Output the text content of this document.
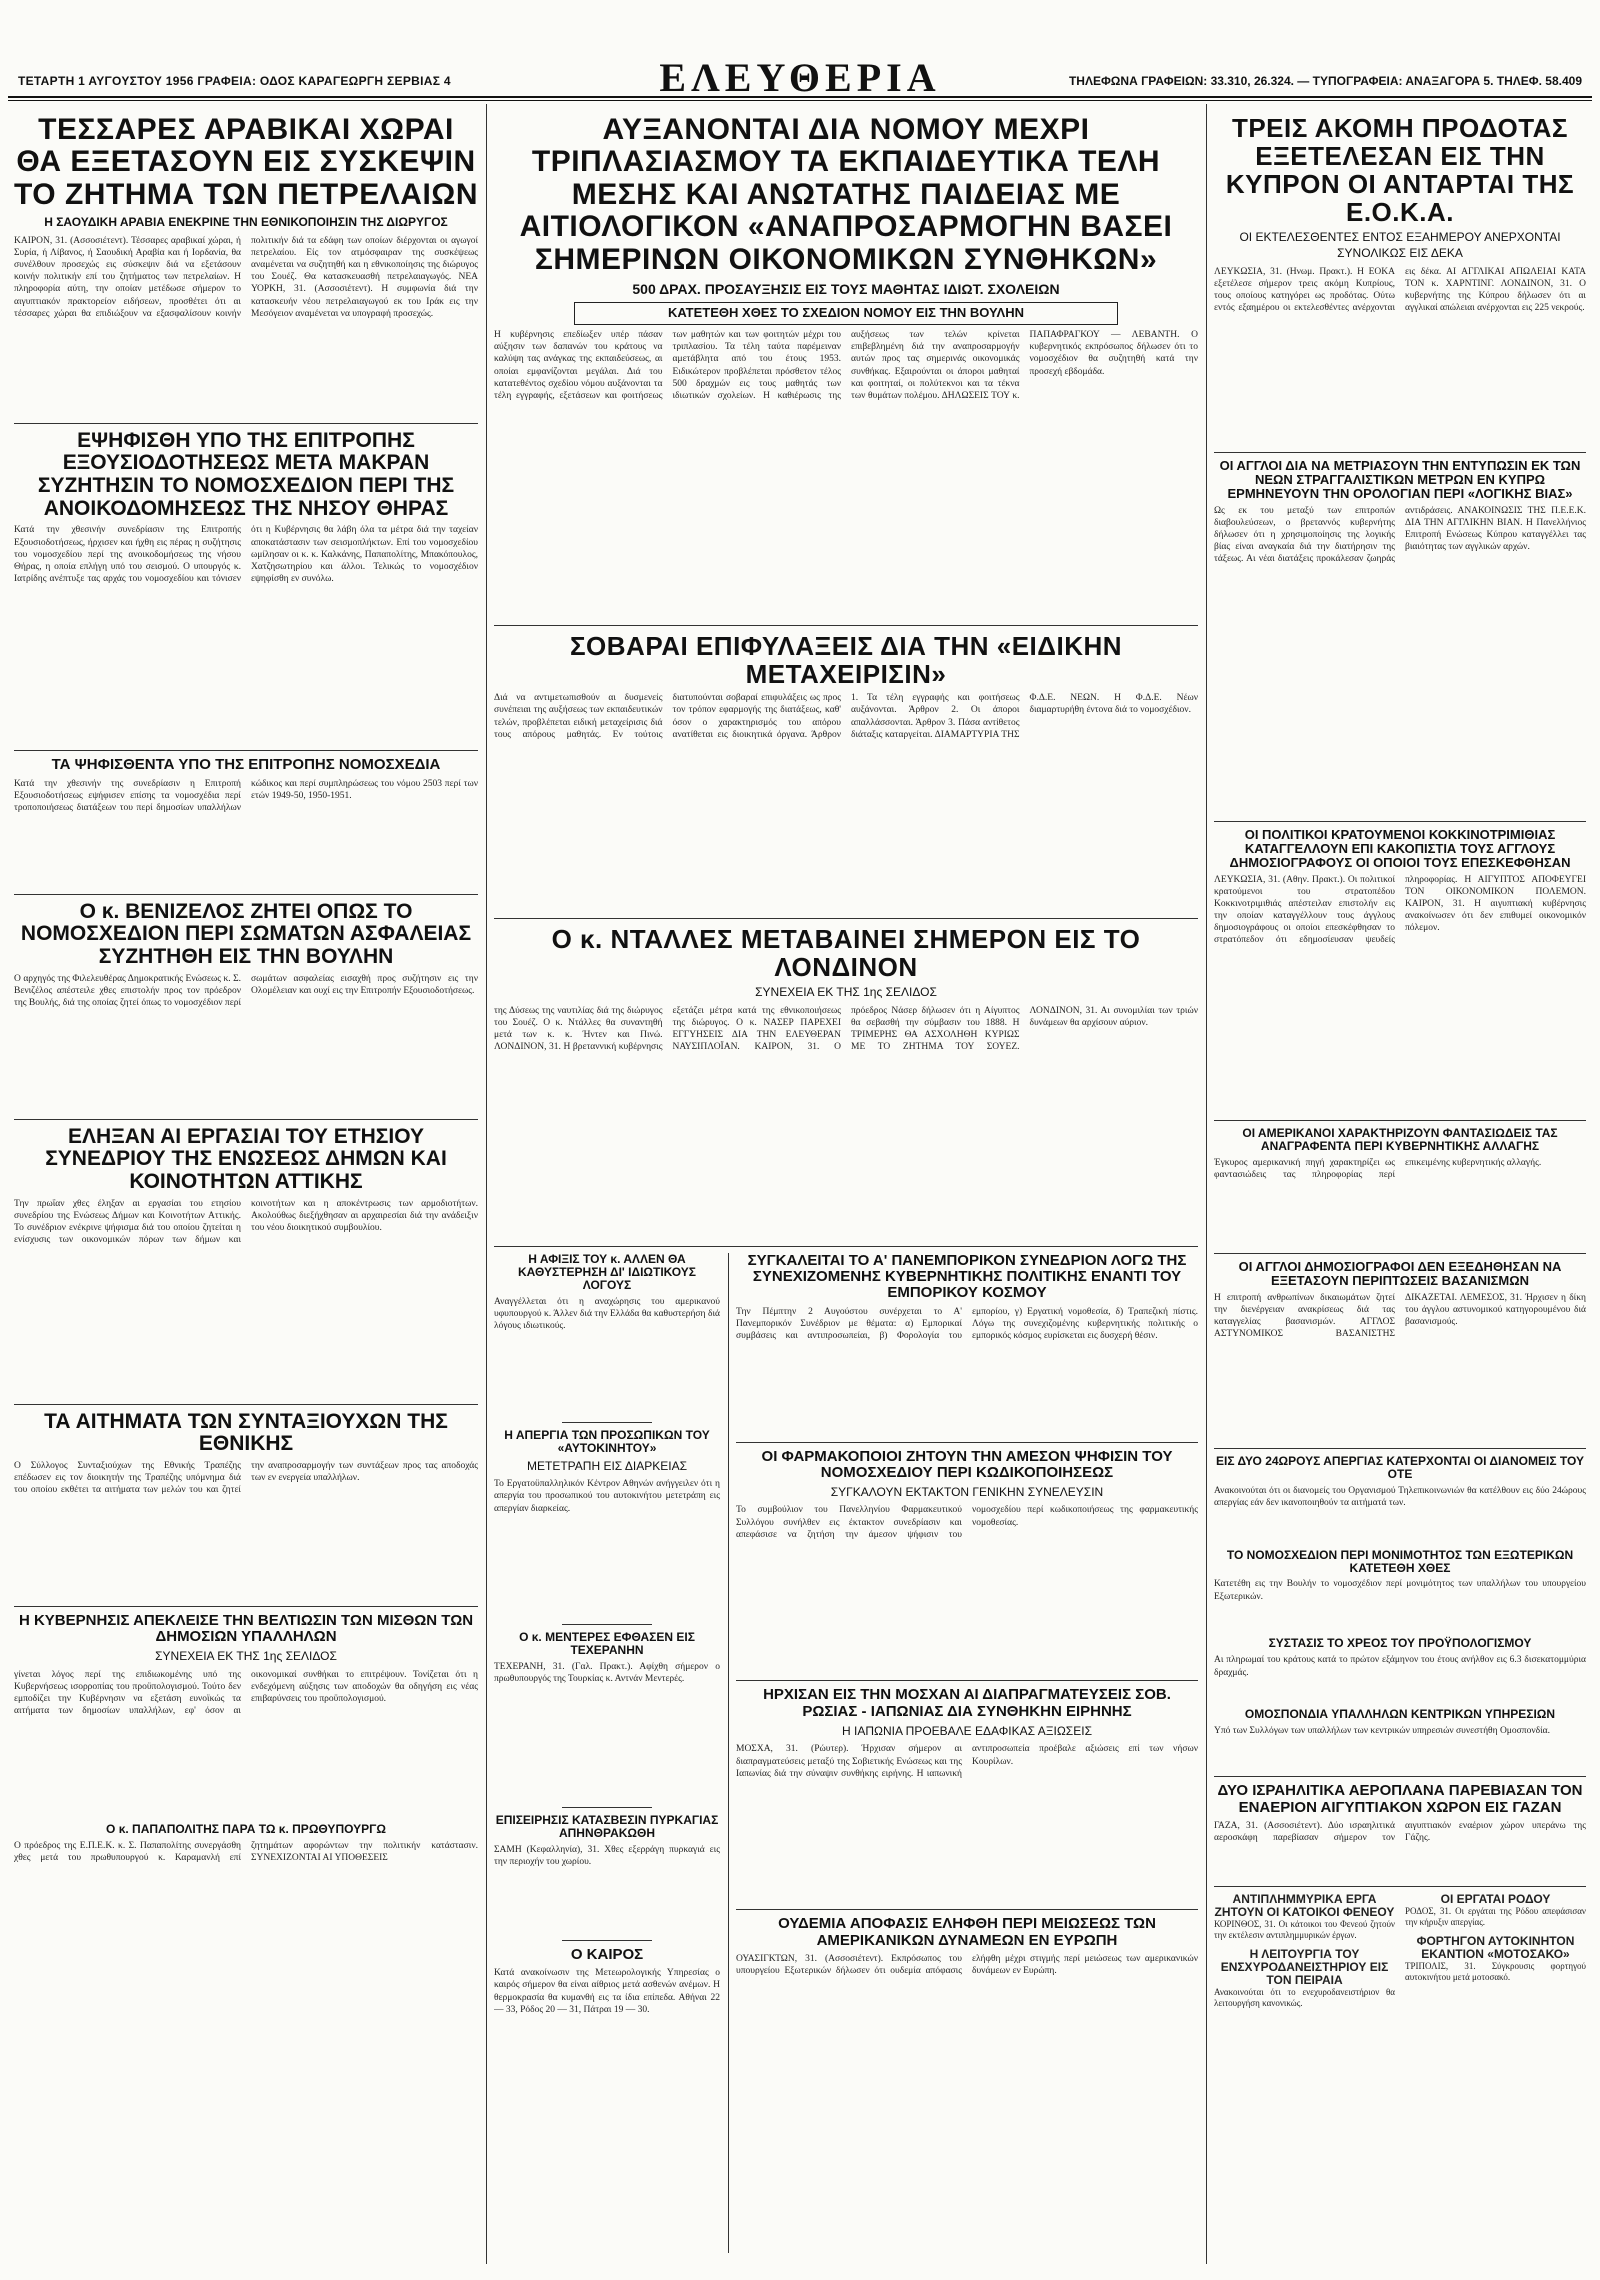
ΤΕΤΑΡΤΗ 1 ΑΥΓΟΥΣΤΟΥ 1956 ΓΡΑΦΕΙΑ: ΟΔΟΣ ΚΑΡΑΓΕΩΡΓΗ ΣΕΡΒΙΑΣ 4	ΕΛΕΥΘΕΡΙΑ	ΤΗΛΕΦΩΝΑ ΓΡΑΦΕΙΩΝ: 33.310, 26.324. — ΤΥΠΟΓΡΑΦΕΙΑ: ΑΝΑΞΑΓΟΡΑ 5. ΤΗΛΕΦ. 58.409
ΤΕΣΣΑΡΕΣ ΑΡΑΒΙΚΑΙ ΧΩΡΑΙ ΘΑ ΕΞΕΤΑΣΟΥΝ ΕΙΣ ΣΥΣΚΕΨΙΝ ΤΟ ΖΗΤΗΜΑ ΤΩΝ ΠΕΤΡΕΛΑΙΩΝ
Η ΣΑΟΥΔΙΚΗ ΑΡΑΒΙΑ ΕΝΕΚΡΙΝΕ ΤΗΝ ΕΘΝΙΚΟΠΟΙΗΣΙΝ ΤΗΣ ΔΙΩΡΥΓΟΣ
ΚΑΙΡΟΝ, 31. (Ασσοσιέτεντ). Τέσσαρες αραβικαί χώραι, ή Συρία, ή Λίβανος, ή Σαουδική Αραβία και ή Ιορδανία, θα συνέλθουν προσεχώς εις σύσκεψιν διά να εξετάσουν κοινήν πολιτικήν επί του ζητήματος των πετρελαίων. Η πληροφορία αύτη, την οποίαν μετέδωσε σήμερον το αιγυπτιακόν πρακτορείον ειδήσεων, προσθέτει ότι αι τέσσαρες χώραι θα επιδιώξουν να εξασφαλίσουν κοινήν πολιτικήν διά τα εδάφη των οποίων διέρχονται οι αγωγοί πετρελαίου. Είς τον ατμόσφαιραν της συσκέψεως αναμένεται να συζητηθή και η εθνικοποίησις της διώρυγος του Σουέζ. Θα κατασκευασθή πετρελαιαγωγός. ΝΕΑ ΥΟΡΚΗ, 31. (Ασσοσιέτεντ). Η συμφωνία διά την κατασκευήν νέου πετρελαιαγωγού εκ του Ιράκ εις την Μεσόγειον αναμένεται να υπογραφή προσεχώς.
ΕΨΗΦΙΣΘΗ ΥΠΟ ΤΗΣ ΕΠΙΤΡΟΠΗΣ ΕΞΟΥΣΙΟΔΟΤΗΣΕΩΣ ΜΕΤΑ ΜΑΚΡΑΝ ΣΥΖΗΤΗΣΙΝ ΤΟ ΝΟΜΟΣΧΕΔΙΟΝ ΠΕΡΙ ΤΗΣ ΑΝΟΙΚΟΔΟΜΗΣΕΩΣ ΤΗΣ ΝΗΣΟΥ ΘΗΡΑΣ
Κατά την χθεσινήν συνεδρίασιν της Επιτροπής Εξουσιοδοτήσεως, ήρχισεν και ήχθη εις πέρας η συζήτησις του νομοσχεδίου περί της ανοικοδομήσεως της νήσου Θήρας, η οποία επλήγη υπό του σεισμού. Ο υπουργός κ. Ιατρίδης ανέπτυξε τας αρχάς του νομοσχεδίου και τόνισεν ότι η Κυβέρνησις θα λάβη όλα τα μέτρα διά την ταχείαν αποκατάστασιν των σεισμοπλήκτων. Επί του νομοσχεδίου ωμίλησαν οι κ. κ. Καλκάνης, Παπαπολίτης, Μπακόπουλος, Χατζησωτηρίου και άλλοι. Τελικώς το νομοσχέδιον εψηφίσθη εν συνόλω.
ΤΑ ΨΗΦΙΣΘΕΝΤΑ ΥΠΟ ΤΗΣ ΕΠΙΤΡΟΠΗΣ ΝΟΜΟΣΧΕΔΙΑ
Κατά την χθεσινήν της συνεδρίασιν η Επιτροπή Εξουσιοδοτήσεως εψήφισεν επίσης τα νομοσχέδια περί τροποποιήσεως διατάξεων του περί δημοσίων υπαλλήλων κώδικος και περί συμπληρώσεως του νόμου 2503 περί των ετών 1949-50, 1950-1951.
Ο κ. ΒΕΝΙΖΕΛΟΣ ΖΗΤΕΙ ΟΠΩΣ ΤΟ ΝΟΜΟΣΧΕΔΙΟΝ ΠΕΡΙ ΣΩΜΑΤΩΝ ΑΣΦΑΛΕΙΑΣ ΣΥΖΗΤΗΘΗ ΕΙΣ ΤΗΝ ΒΟΥΛΗΝ
Ο αρχηγός της Φιλελευθέρας Δημοκρατικής Ενώσεως κ. Σ. Βενιζέλος απέστειλε χθες επιστολήν προς τον πρόεδρον της Βουλής, διά της οποίας ζητεί όπως το νομοσχέδιον περί σωμάτων ασφαλείας εισαχθή προς συζήτησιν εις την Ολομέλειαν και ουχί εις την Επιτροπήν Εξουσιοδοτήσεως.
ΕΛΗΞΑΝ ΑΙ ΕΡΓΑΣΙΑΙ ΤΟΥ ΕΤΗΣΙΟΥ ΣΥΝΕΔΡΙΟΥ ΤΗΣ ΕΝΩΣΕΩΣ ΔΗΜΩΝ ΚΑΙ ΚΟΙΝΟΤΗΤΩΝ ΑΤΤΙΚΗΣ
Την πρωΐαν χθες έληξαν αι εργασίαι του ετησίου συνεδρίου της Ενώσεως Δήμων και Κοινοτήτων Αττικής. Το συνέδριον ενέκρινε ψήφισμα διά του οποίου ζητείται η ενίσχυσις των οικονομικών πόρων των δήμων και κοινοτήτων και η αποκέντρωσις των αρμοδιοτήτων. Ακολούθως διεξήχθησαν αι αρχαιρεσίαι διά την ανάδειξιν του νέου διοικητικού συμβουλίου.
ΤΑ ΑΙΤΗΜΑΤΑ ΤΩΝ ΣΥΝΤΑΞΙΟΥΧΩΝ ΤΗΣ ΕΘΝΙΚΗΣ
Ο Σύλλογος Συνταξιούχων της Εθνικής Τραπέζης επέδωσεν εις τον διοικητήν της Τραπέζης υπόμνημα διά του οποίου εκθέτει τα αιτήματα των μελών του και ζητεί την αναπροσαρμογήν των συντάξεων προς τας αποδοχάς των εν ενεργεία υπαλλήλων.
Η ΚΥΒΕΡΝΗΣΙΣ ΑΠΕΚΛΕΙΣΕ ΤΗΝ ΒΕΛΤΙΩΣΙΝ ΤΩΝ ΜΙΣΘΩΝ ΤΩΝ ΔΗΜΟΣΙΩΝ ΥΠΑΛΛΗΛΩΝ
ΣΥΝΕΧΕΙΑ ΕΚ ΤΗΣ 1ης ΣΕΛΙΔΟΣ
γίνεται λόγος περί της επιδιωκομένης υπό της Κυβερνήσεως ισορροπίας του προϋπολογισμού. Τούτο δεν εμποδίζει την Κυβέρνησιν να εξετάση ευνοϊκώς τα αιτήματα των δημοσίων υπαλλήλων, εφ' όσον αι οικονομικαί συνθήκαι το επιτρέψουν. Τονίζεται ότι η ενδεχόμενη αύξησις των αποδοχών θα οδηγήση εις νέας επιβαρύνσεις του προϋπολογισμού.
Ο κ. ΠΑΠΑΠΟΛΙΤΗΣ ΠΑΡΑ ΤΩ κ. ΠΡΩΘΥΠΟΥΡΓΩ
Ο πρόεδρος της Ε.Π.Ε.Κ. κ. Σ. Παπαπολίτης συνεργάσθη χθες μετά του πρωθυπουργού κ. Καραμανλή επί ζητημάτων αφορώντων την πολιτικήν κατάστασιν. ΣΥΝΕΧΙΖΟΝΤΑΙ ΑΙ ΥΠΟΘΕΣΕΙΣ
ΑΥΞΑΝΟΝΤΑΙ ΔΙΑ ΝΟΜΟΥ ΜΕΧΡΙ ΤΡΙΠΛΑΣΙΑΣΜΟΥ ΤΑ ΕΚΠΑΙΔΕΥΤΙΚΑ ΤΕΛΗ ΜΕΣΗΣ ΚΑΙ ΑΝΩΤΑΤΗΣ ΠΑΙΔΕΙΑΣ ΜΕ ΑΙΤΙΟΛΟΓΙΚΟΝ «ΑΝΑΠΡΟΣΑΡΜΟΓΗΝ ΒΑΣΕΙ ΣΗΜΕΡΙΝΩΝ ΟΙΚΟΝΟΜΙΚΩΝ ΣΥΝΘΗΚΩΝ»
500 ΔΡΑΧ. ΠΡΟΣΑΥΞΗΣΙΣ ΕΙΣ ΤΟΥΣ ΜΑΘΗΤΑΣ ΙΔΙΩΤ. ΣΧΟΛΕΙΩΝ
ΚΑΤΕΤΕΘΗ ΧΘΕΣ ΤΟ ΣΧΕΔΙΟΝ ΝΟΜΟΥ ΕΙΣ ΤΗΝ ΒΟΥΛΗΝ
Η κυβέρνησις επεδίωξεν υπέρ πάσαν αύξησιν των δαπανών του κράτους να καλύψη τας ανάγκας της εκπαιδεύσεως, αι οποίαι εμφανίζονται μεγάλαι. Διά του κατατεθέντος σχεδίου νόμου αυξάνονται τα τέλη εγγραφής, εξετάσεων και φοιτήσεως των μαθητών και των φοιτητών μέχρι του τριπλασίου. Τα τέλη ταύτα παρέμειναν αμετάβλητα από του έτους 1953. Ειδικώτερον προβλέπεται πρόσθετον τέλος 500 δραχμών εις τους μαθητάς των ιδιωτικών σχολείων. Η καθιέρωσις της αυξήσεως των τελών κρίνεται επιβεβλημένη διά την αναπροσαρμογήν αυτών προς τας σημερινάς οικονομικάς συνθήκας. Εξαιρούνται οι άποροι μαθηταί και φοιτηταί, οι πολύτεκνοι και τα τέκνα των θυμάτων πολέμου. ΔΗΛΩΣΕΙΣ ΤΟΥ κ. ΠΑΠΑΦΡΑΓΚΟΥ — ΛΕΒΑΝΤΗ. Ο κυβερνητικός εκπρόσωπος δήλωσεν ότι το νομοσχέδιον θα συζητηθή κατά την προσεχή εβδομάδα.
ΣΟΒΑΡΑΙ ΕΠΙΦΥΛΑΞΕΙΣ ΔΙΑ ΤΗΝ «ΕΙΔΙΚΗΝ ΜΕΤΑΧΕΙΡΙΣΙΝ»
Διά να αντιμετωπισθούν αι δυσμενείς συνέπειαι της αυξήσεως των εκπαιδευτικών τελών, προβλέπεται ειδική μεταχείρισις διά τους απόρους μαθητάς. Εν τούτοις διατυπούνται σοβαραί επιφυλάξεις ως προς τον τρόπον εφαρμογής της διατάξεως, καθ' όσον ο χαρακτηρισμός του απόρου ανατίθεται εις διοικητικά όργανα. Άρθρον 1. Τα τέλη εγγραφής και φοιτήσεως αυξάνονται. Άρθρον 2. Οι άποροι απαλλάσσονται. Άρθρον 3. Πάσα αντίθετος διάταξις καταργείται. ΔΙΑΜΑΡΤΥΡΙΑ ΤΗΣ Φ.Δ.Ε. ΝΕΩΝ. Η Φ.Δ.Ε. Νέων διαμαρτυρήθη έντονα διά το νομοσχέδιον.
Ο κ. ΝΤΑΛΛΕΣ ΜΕΤΑΒΑΙΝΕΙ ΣΗΜΕΡΟΝ ΕΙΣ ΤΟ ΛΟΝΔΙΝΟΝ
ΣΥΝΕΧΕΙΑ ΕΚ ΤΗΣ 1ης ΣΕΛΙΔΟΣ
της Δύσεως της ναυτιλίας διά της διώρυγος του Σουέζ. Ο κ. Ντάλλες θα συναντηθή μετά των κ. κ. Ήντεν και Πινώ. ΛΟΝΔΙΝΟΝ, 31. Η βρεταννική κυβέρνησις εξετάζει μέτρα κατά της εθνικοποιήσεως της διώρυγος. Ο κ. ΝΑΣΕΡ ΠΑΡΕΧΕΙ ΕΓΓΥΗΣΕΙΣ ΔΙΑ ΤΗΝ ΕΛΕΥΘΕΡΑΝ ΝΑΥΣΙΠΛΟΪΑΝ. ΚΑΙΡΟΝ, 31. Ο πρόεδρος Νάσερ δήλωσεν ότι η Αίγυπτος θα σεβασθή την σύμβασιν του 1888. Η ΤΡΙΜΕΡΗΣ ΘΑ ΑΣΧΟΛΗΘΗ ΚΥΡΙΩΣ ΜΕ ΤΟ ΖΗΤΗΜΑ ΤΟΥ ΣΟΥΕΖ. ΛΟΝΔΙΝΟΝ, 31. Αι συνομιλίαι των τριών δυνάμεων θα αρχίσουν αύριον.
Η ΑΦΙΞΙΣ ΤΟΥ κ. ΑΛΛΕΝ ΘΑ ΚΑΘΥΣΤΕΡΗΣΗ ΔΙ' ΙΔΙΩΤΙΚΟΥΣ ΛΟΓΟΥΣ
Αναγγέλλεται ότι η αναχώρησις του αμερικανού υφυπουργού κ. Άλλεν διά την Ελλάδα θα καθυστερήση διά λόγους ιδιωτικούς.
Η ΑΠΕΡΓΙΑ ΤΩΝ ΠΡΟΣΩΠΙΚΩΝ ΤΟΥ «ΑΥΤΟΚΙΝΗΤΟΥ»
ΜΕΤΕΤΡΑΠΗ ΕΙΣ ΔΙΑΡΚΕΙΑΣ
Το Εργατοϋπαλληλικόν Κέντρον Αθηνών ανήγγειλεν ότι η απεργία του προσωπικού του αυτοκινήτου μετετράπη εις απεργίαν διαρκείας.
Ο κ. ΜΕΝΤΕΡΕΣ ΕΦΘΑΣΕΝ ΕΙΣ ΤΕΧΕΡΑΝΗΝ
ΤΕΧΕΡΑΝΗ, 31. (Γαλ. Πρακτ.). Αφίχθη σήμερον ο πρωθυπουργός της Τουρκίας κ. Αντνάν Μεντερές.
ΕΠΙΣΕΙΡΗΣΙΣ ΚΑΤΑΣΒΕΣΙΝ ΠΥΡΚΑΓΙΑΣ ΑΠΗΝΘΡΑΚΩΘΗ
ΣΑΜΗ (Κεφαλληνία), 31. Χθες εξερράγη πυρκαγιά εις την περιοχήν του χωρίου.
Ο ΚΑΙΡΟΣ
Κατά ανακοίνωσιν της Μετεωρολογικής Υπηρεσίας ο καιρός σήμερον θα είναι αίθριος μετά ασθενών ανέμων. Η θερμοκρασία θα κυμανθή εις τα ίδια επίπεδα. Αθήναι 22 — 33, Ρόδος 20 — 31, Πάτραι 19 — 30.
ΣΥΓΚΑΛΕΙΤΑΙ ΤΟ Α' ΠΑΝΕΜΠΟΡΙΚΟΝ ΣΥΝΕΔΡΙΟΝ ΛΟΓΩ ΤΗΣ ΣΥΝΕΧΙΖΟΜΕΝΗΣ ΚΥΒΕΡΝΗΤΙΚΗΣ ΠΟΛΙΤΙΚΗΣ ΕΝΑΝΤΙ ΤΟΥ ΕΜΠΟΡΙΚΟΥ ΚΟΣΜΟΥ
Την Πέμπτην 2 Αυγούστου συνέρχεται το Α' Πανεμπορικόν Συνέδριον με θέματα: α) Εμπορικαί συμβάσεις και αντιπροσωπείαι, β) Φορολογία του εμπορίου, γ) Εργατική νομοθεσία, δ) Τραπεζική πίστις. Λόγω της συνεχιζομένης κυβερνητικής πολιτικής ο εμπορικός κόσμος ευρίσκεται εις δυσχερή θέσιν.
ΟΙ ΦΑΡΜΑΚΟΠΟΙΟΙ ΖΗΤΟΥΝ ΤΗΝ ΑΜΕΣΟΝ ΨΗΦΙΣΙΝ ΤΟΥ ΝΟΜΟΣΧΕΔΙΟΥ ΠΕΡΙ ΚΩΔΙΚΟΠΟΙΗΣΕΩΣ
ΣΥΓΚΑΛΟΥΝ ΕΚΤΑΚΤΟΝ ΓΕΝΙΚΗΝ ΣΥΝΕΛΕΥΣΙΝ
Το συμβούλιον του Πανελληνίου Φαρμακευτικού Συλλόγου συνήλθεν εις έκτακτον συνεδρίασιν και απεφάσισε να ζητήση την άμεσον ψήφισιν του νομοσχεδίου περί κωδικοποιήσεως της φαρμακευτικής νομοθεσίας.
ΗΡΧΙΣΑΝ ΕΙΣ ΤΗΝ ΜΟΣΧΑΝ ΑΙ ΔΙΑΠΡΑΓΜΑΤΕΥΣΕΙΣ ΣΟΒ. ΡΩΣΙΑΣ - ΙΑΠΩΝΙΑΣ ΔΙΑ ΣΥΝΘΗΚΗΝ ΕΙΡΗΝΗΣ
Η ΙΑΠΩΝΙΑ ΠΡΟΕΒΑΛΕ ΕΔΑΦΙΚΑΣ ΑΞΙΩΣΕΙΣ
ΜΟΣΧΑ, 31. (Ρώυτερ). Ήρχισαν σήμερον αι διαπραγματεύσεις μεταξύ της Σοβιετικής Ενώσεως και της Ιαπωνίας διά την σύναψιν συνθήκης ειρήνης. Η ιαπωνική αντιπροσωπεία προέβαλε αξιώσεις επί των νήσων Κουρίλων.
ΟΥΔΕΜΙΑ ΑΠΟΦΑΣΙΣ ΕΛΗΦΘΗ ΠΕΡΙ ΜΕΙΩΣΕΩΣ ΤΩΝ ΑΜΕΡΙΚΑΝΙΚΩΝ ΔΥΝΑΜΕΩΝ ΕΝ ΕΥΡΩΠΗ
ΟΥΑΣΙΓΚΤΩΝ, 31. (Ασσοσιέτεντ). Εκπρόσωπος του υπουργείου Εξωτερικών δήλωσεν ότι ουδεμία απόφασις ελήφθη μέχρι στιγμής περί μειώσεως των αμερικανικών δυνάμεων εν Ευρώπη.
ΤΡΕΙΣ ΑΚΟΜΗ ΠΡΟΔΟΤΑΣ ΕΞΕΤΕΛΕΣΑΝ ΕΙΣ ΤΗΝ ΚΥΠΡΟΝ ΟΙ ΑΝΤΑΡΤΑΙ ΤΗΣ Ε.Ο.Κ.Α.
ΟΙ ΕΚΤΕΛΕΣΘΕΝΤΕΣ ΕΝΤΟΣ ΕΞΑΗΜΕΡΟΥ ΑΝΕΡΧΟΝΤΑΙ ΣΥΝΟΛΙΚΩΣ ΕΙΣ ΔΕΚΑ
ΛΕΥΚΩΣΙΑ, 31. (Ηνωμ. Πρακτ.). Η ΕΟΚΑ εξετέλεσε σήμερον τρεις ακόμη Κυπρίους, τους οποίους κατηγόρει ως προδότας. Ούτω εντός εξαημέρου οι εκτελεσθέντες ανέρχονται εις δέκα. ΑΙ ΑΓΓΛΙΚΑΙ ΑΠΩΛΕΙΑΙ ΚΑΤΑ ΤΟΝ κ. ΧΑΡΝΤΙΝΓ. ΛΟΝΔΙΝΟΝ, 31. Ο κυβερνήτης της Κύπρου δήλωσεν ότι αι αγγλικαί απώλειαι ανέρχονται εις 225 νεκρούς.
ΟΙ ΑΓΓΛΟΙ ΔΙΑ ΝΑ ΜΕΤΡΙΑΣΟΥΝ ΤΗΝ ΕΝΤΥΠΩΣΙΝ ΕΚ ΤΩΝ ΝΕΩΝ ΣΤΡΑΓΓΑΛΙΣΤΙΚΩΝ ΜΕΤΡΩΝ ΕΝ ΚΥΠΡΩ ΕΡΜΗΝΕΥΟΥΝ ΤΗΝ ΟΡΟΛΟΓΙΑΝ ΠΕΡΙ «ΛΟΓΙΚΗΣ ΒΙΑΣ»
Ως εκ του μεταξύ των επιτροπών διαβουλεύσεων, ο βρεταννός κυβερνήτης δήλωσεν ότι η χρησιμοποίησις της λογικής βίας είναι αναγκαία διά την διατήρησιν της τάξεως. Αι νέαι διατάξεις προκάλεσαν ζωηράς αντιδράσεις. ΑΝΑΚΟΙΝΩΣΙΣ ΤΗΣ Π.Ε.Ε.Κ. ΔΙΑ ΤΗΝ ΑΓΓΛΙΚΗΝ ΒΙΑΝ. Η Πανελλήνιος Επιτροπή Ενώσεως Κύπρου καταγγέλλει τας βιαιότητας των αγγλικών αρχών.
ΟΙ ΠΟΛΙΤΙΚΟΙ ΚΡΑΤΟΥΜΕΝΟΙ ΚΟΚΚΙΝΟΤΡΙΜΙΘΙΑΣ ΚΑΤΑΓΓΕΛΛΟΥΝ ΕΠΙ ΚΑΚΟΠΙΣΤΙΑ ΤΟΥΣ ΑΓΓΛΟΥΣ ΔΗΜΟΣΙΟΓΡΑΦΟΥΣ ΟΙ ΟΠΟΙΟΙ ΤΟΥΣ ΕΠΕΣΚΕΦΘΗΣΑΝ
ΛΕΥΚΩΣΙΑ, 31. (Αθην. Πρακτ.). Οι πολιτικοί κρατούμενοι του στρατοπέδου Κοκκινοτριμιθιάς απέστειλαν επιστολήν εις την οποίαν καταγγέλλουν τους άγγλους δημοσιογράφους οι οποίοι επεσκέφθησαν το στρατόπεδον ότι εδημοσίευσαν ψευδείς πληροφορίας. Η ΑΙΓΥΠΤΟΣ ΑΠΟΦΕΥΓΕΙ ΤΟΝ ΟΙΚΟΝΟΜΙΚΟΝ ΠΟΛΕΜΟΝ. ΚΑΙΡΟΝ, 31. Η αιγυπτιακή κυβέρνησις ανακοίνωσεν ότι δεν επιθυμεί οικονομικόν πόλεμον.
ΟΙ ΑΜΕΡΙΚΑΝΟΙ ΧΑΡΑΚΤΗΡΙΖΟΥΝ ΦΑΝΤΑΣΙΩΔΕΙΣ ΤΑΣ ΑΝΑΓΡΑΦΕΝΤΑ ΠΕΡΙ ΚΥΒΕΡΝΗΤΙΚΗΣ ΑΛΛΑΓΗΣ
Έγκυρος αμερικανική πηγή χαρακτηρίζει ως φαντασιώδεις τας πληροφορίας περί επικειμένης κυβερνητικής αλλαγής.
ΟΙ ΑΓΓΛΟΙ ΔΗΜΟΣΙΟΓΡΑΦΟΙ ΔΕΝ ΕΞΕΔΗΘΗΣΑΝ ΝΑ ΕΞΕΤΑΣΟΥΝ ΠΕΡΙΠΤΩΣΕΙΣ ΒΑΣΑΝΙΣΜΩΝ
Η επιτροπή ανθρωπίνων δικαιωμάτων ζητεί την διενέργειαν ανακρίσεως διά τας καταγγελίας βασανισμών. ΑΓΓΛΟΣ ΑΣΤΥΝΟΜΙΚΟΣ ΒΑΣΑΝΙΣΤΗΣ ΔΙΚΑΖΕΤΑΙ. ΛΕΜΕΣΟΣ, 31. Ήρχισεν η δίκη του άγγλου αστυνομικού κατηγορουμένου διά βασανισμούς.
ΕΙΣ ΔΥΟ 24ΩΡΟΥΣ ΑΠΕΡΓΙΑΣ ΚΑΤΕΡΧΟΝΤΑΙ ΟΙ ΔΙΑΝΟΜΕΙΣ ΤΟΥ ΟΤΕ
Ανακοινούται ότι οι διανομείς του Οργανισμού Τηλεπικοινωνιών θα κατέλθουν εις δύο 24ώρους απεργίας εάν δεν ικανοποιηθούν τα αιτήματά των.
ΤΟ ΝΟΜΟΣΧΕΔΙΟΝ ΠΕΡΙ ΜΟΝΙΜΟΤΗΤΟΣ ΤΩΝ ΕΞΩΤΕΡΙΚΩΝ ΚΑΤΕΤΕΘΗ ΧΘΕΣ
Κατετέθη εις την Βουλήν το νομοσχέδιον περί μονιμότητος των υπαλλήλων του υπουργείου Εξωτερικών.
ΣΥΣΤΑΣΙΣ ΤΟ ΧΡΕΟΣ ΤΟΥ ΠΡΟΫΠΟΛΟΓΙΣΜΟΥ
Αι πληρωμαί του κράτους κατά το πρώτον εξάμηνον του έτους ανήλθον εις 6.3 δισεκατομμύρια δραχμάς.
ΟΜΟΣΠΟΝΔΙΑ ΥΠΑΛΛΗΛΩΝ ΚΕΝΤΡΙΚΩΝ ΥΠΗΡΕΣΙΩΝ
Υπό των Συλλόγων των υπαλλήλων των κεντρικών υπηρεσιών συνεστήθη Ομοσπονδία.
ΔΥΟ ΙΣΡΑΗΛΙΤΙΚΑ ΑΕΡΟΠΛΑΝΑ ΠΑΡΕΒΙΑΣΑΝ ΤΟΝ ΕΝΑΕΡΙΟΝ ΑΙΓΥΠΤΙΑΚΟΝ ΧΩΡΟΝ ΕΙΣ ΓΑΖΑΝ
ΓΑΖΑ, 31. (Ασσοσιέτεντ). Δύο ισραηλιτικά αεροσκάφη παρεβίασαν σήμερον τον αιγυπτιακόν εναέριον χώρον υπεράνω της Γάζης.
ΑΝΤΙΠΛΗΜΜΥΡΙΚΑ ΕΡΓΑ ΖΗΤΟΥΝ ΟΙ ΚΑΤΟΙΚΟΙ ΦΕΝΕΟΥ
ΚΟΡΙΝΘΟΣ, 31. Οι κάτοικοι του Φενεού ζητούν την εκτέλεσιν αντιπλημμυρικών έργων.
Η ΛΕΙΤΟΥΡΓΙΑ ΤΟΥ ΕΝΣΧΥΡΟΔΑΝΕΙΣΤΗΡΙΟΥ ΕΙΣ ΤΟΝ ΠΕΙΡΑΙΑ
Ανακοινούται ότι το ενεχυροδανειστήριον θα λειτουργήση κανονικώς.
ΟΙ ΕΡΓΑΤΑΙ ΡΟΔΟΥ
ΡΟΔΟΣ, 31. Οι εργάται της Ρόδου απεφάσισαν την κήρυξιν απεργίας.
ΦΟΡΤΗΓΟΝ ΑΥΤΟΚΙΝΗΤΟΝ ΕΚΑΝΤΙΟΝ «ΜΟΤΟΣΑΚΟ»
ΤΡΙΠΟΛΙΣ, 31. Σύγκρουσις φορτηγού αυτοκινήτου μετά μοτοσακό.
